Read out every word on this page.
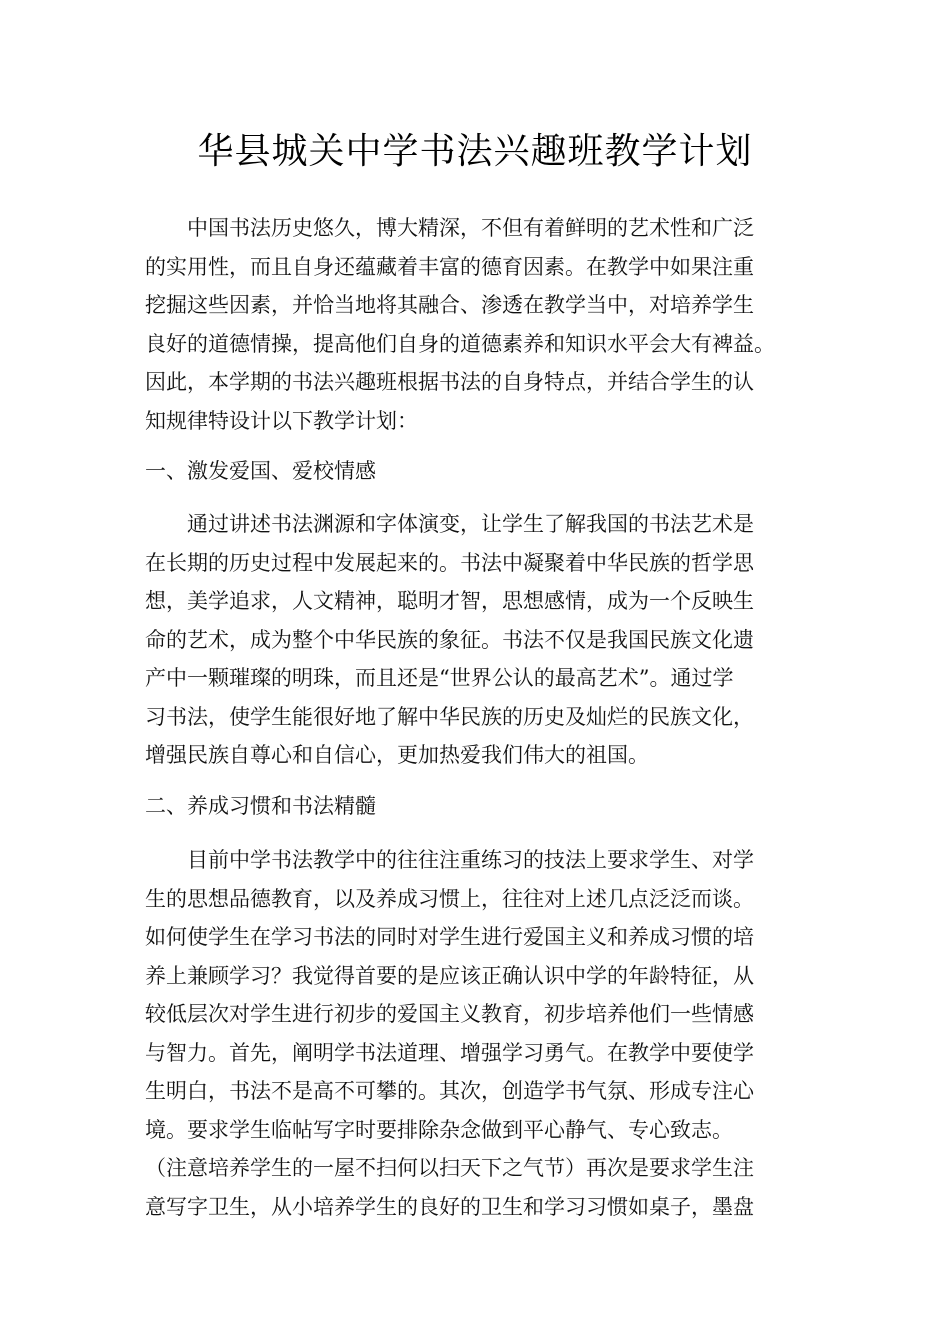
华县城关中学书法兴趣班教学计划

中国书法历史悠久，博大精深，不但有着鲜明的艺术性和广泛
的实用性，而且自身还蕴藏着丰富的德育因素。在教学中如果注重
挖掘这些因素，并恰当地将其融合、渗透在教学当中，对培养学生
良好的道德情操，提高他们自身的道德素养和知识水平会大有裨益。
因此，本学期的书法兴趣班根据书法的自身特点，并结合学生的认
知规律特设计以下教学计划：

一、激发爱国、爱校情感

通过讲述书法渊源和字体演变，让学生了解我国的书法艺术是
在长期的历史过程中发展起来的。书法中凝聚着中华民族的哲学思
想，美学追求，人文精神，聪明才智，思想感情，成为一个反映生
命的艺术，成为整个中华民族的象征。书法不仅是我国民族文化遗
产中一颗璀璨的明珠，而且还是“世界公认的最高艺术”。通过学
习书法，使学生能很好地了解中华民族的历史及灿烂的民族文化，
增强民族自尊心和自信心，更加热爱我们伟大的祖国。

二、养成习惯和书法精髓

目前中学书法教学中的往往注重练习的技法上要求学生、对学
生的思想品德教育，以及养成习惯上，往往对上述几点泛泛而谈。
如何使学生在学习书法的同时对学生进行爱国主义和养成习惯的培
养上兼顾学习？我觉得首要的是应该正确认识中学的年龄特征，从
较低层次对学生进行初步的爱国主义教育，初步培养他们一些情感
与智力。首先，阐明学书法道理、增强学习勇气。在教学中要使学
生明白，书法不是高不可攀的。其次，创造学书气氛、形成专注心
境。要求学生临帖写字时要排除杂念做到平心静气、专心致志。
（注意培养学生的一屋不扫何以扫天下之气节）再次是要求学生注
意写字卫生，从小培养学生的良好的卫生和学习习惯如桌子，墨盘
